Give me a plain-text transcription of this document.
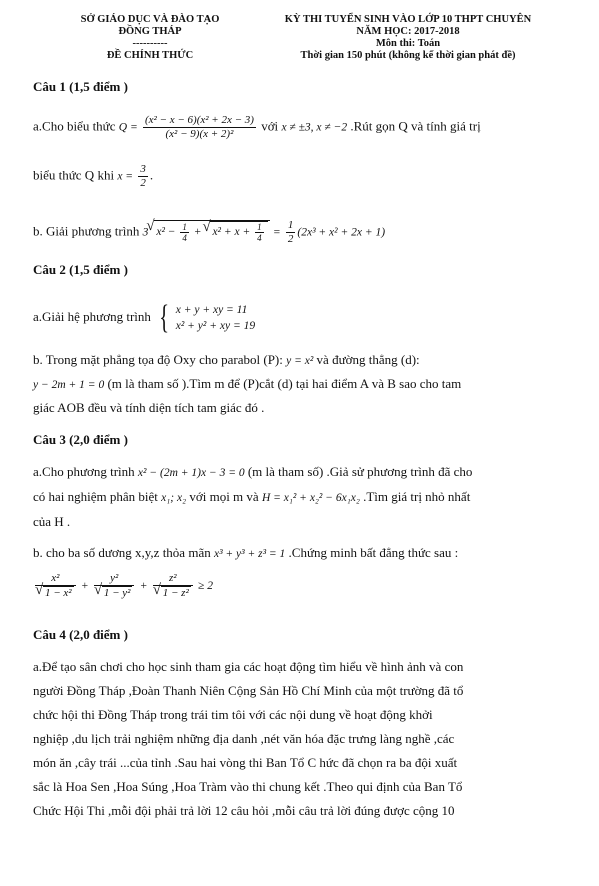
SỞ GIÁO DỤC VÀ ĐÀO TẠO
ĐỒNG THÁP
----------
ĐỀ CHÍNH THỨC
KỲ THI TUYỂN SINH VÀO LỚP 10 THPT CHUYÊN
NĂM HỌC: 2017-2018
Môn thi: Toán
Thời gian 150 phút (không kể thời gian phát đề)
Câu 1 (1,5 điểm )
a.Cho biểu thức $Q = \frac{\text{(x² − x − 6)(x² + 2x − 3)}}{\text{(x² − 9)(x + 2)²}}$ với x ≠ ±3, x ≠ −2 .Rút gọn Q và tính giá trị
biểu thức Q khi $x = \frac{3}{2}$ .
b. Giải phương trình 3 √ $x^2 - \frac{1}{4}$ + √ $x^2 + x + \frac{1}{4} = \frac{1}{2} (2x^3 + x^2 + 2x + 1)$
Câu 2 (1,5 điểm )
a.Giải hệ phương trình { x + y + xy = 11
x² + y² + xy = 19
b. Trong mặt phẳng tọa độ Oxy cho parabol (P): y = x² và đường thẳng (d):
y − 2m + 1 = 0 (m là tham số ).Tìm m để (P)cắt (d) tại hai điểm A và B sao cho tam
giác AOB đều và tính diện tích tam giác đó .
Câu 3 (2,0 điểm )
a.Cho phương trình x² − (2m + 1)x − 3 = 0 (m là tham số) .Giả sử phương trình đã cho
có hai nghiệm phân biệt x₁; x₂ với mọi m và H = x₁² + x₂² − 6x₁x₂ .Tìm giá trị nhỏ nhất
của H .
b. cho ba số dương x,y,z thỏa mãn x³ + y³ + z³ = 1 .Chứng minh bất đẳng thức sau :
x²
√ 1 − x² + y²
√ 1 − y² + z²
√ 1 − z² ≥ 2
Câu 4 (2,0 điểm )
a.Để tạo sân chơi cho học sinh tham gia các hoạt động tìm hiểu về hình ảnh và con
người Đồng Tháp ,Đoàn Thanh Niên Cộng Sản Hồ Chí Minh của một trường đã tổ
chức hội thi Đồng Tháp trong trái tim tôi với các nội dung về hoạt động khởi
nghiệp ,du lịch trải nghiệm những địa danh ,nét văn hóa đặc trưng làng nghề ,các
món ăn ,cây trái ...của tỉnh .Sau hai vòng thi Ban Tổ C hức đã chọn ra ba đội xuất
sắc là Hoa Sen ,Hoa Súng ,Hoa Tràm vào thi chung kết .Theo qui định của Ban Tổ
Chức Hội Thi ,mỗi đội phải trả lời 12 câu hỏi ,mỗi câu trả lời đúng được cộng 10
